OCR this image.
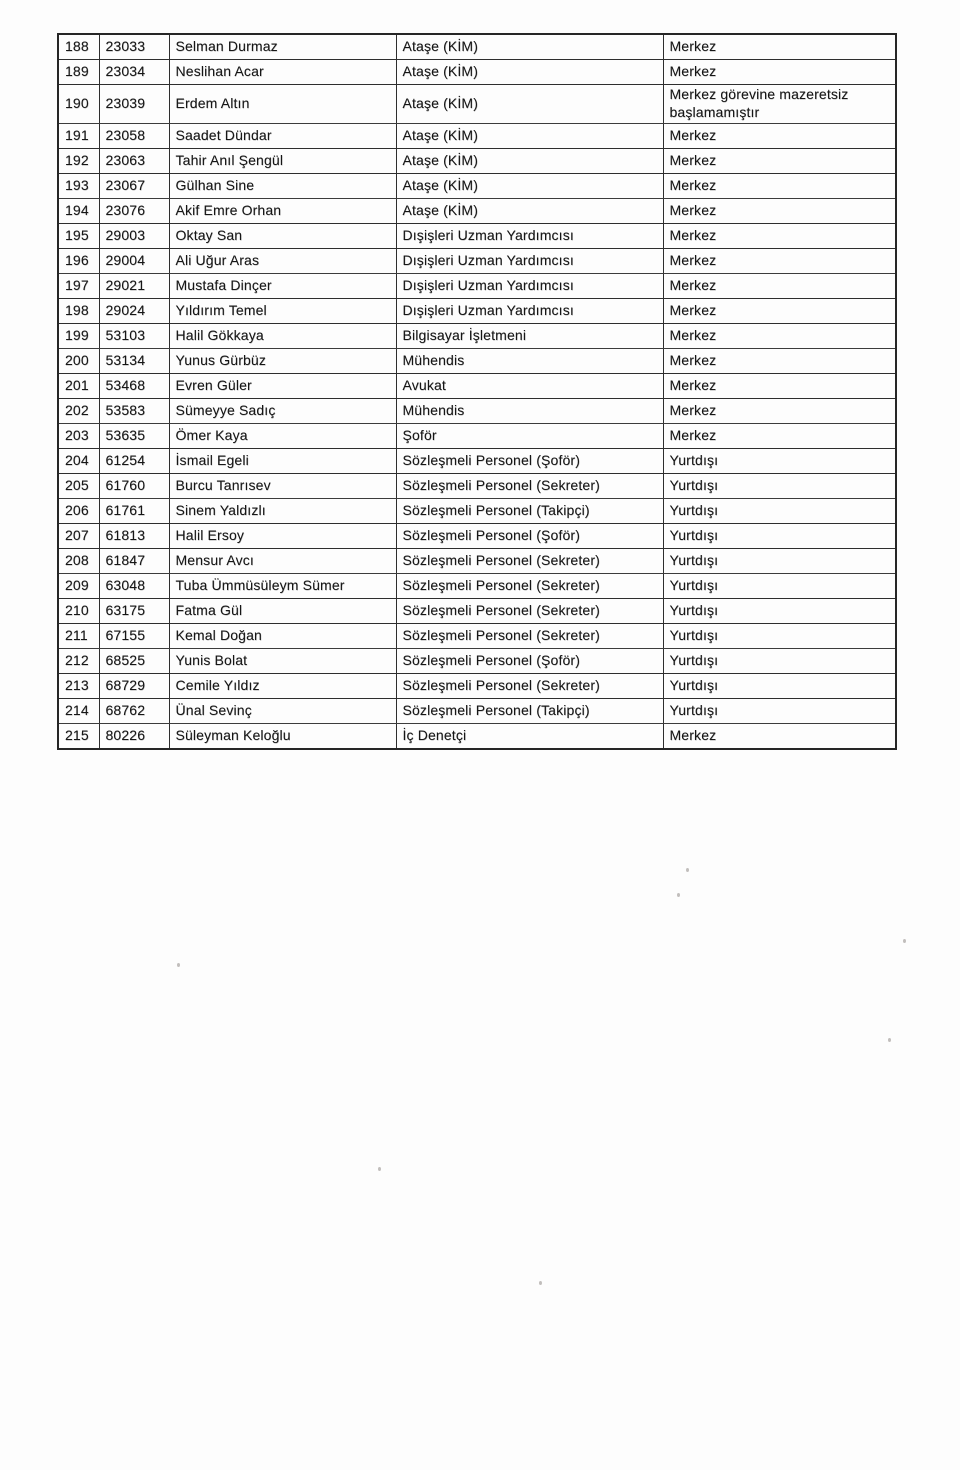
188	23033	Selman Durmaz	Ataşe (KİM)	Merkez
189	23034	Neslihan Acar	Ataşe (KİM)	Merkez
190	23039	Erdem Altın	Ataşe (KİM)	Merkez görevine mazeretsiz başlamamıştır
191	23058	Saadet Dündar	Ataşe (KİM)	Merkez
192	23063	Tahir Anıl Şengül	Ataşe (KİM)	Merkez
193	23067	Gülhan Sine	Ataşe (KİM)	Merkez
194	23076	Akif Emre Orhan	Ataşe (KİM)	Merkez
195	29003	Oktay San	Dışişleri Uzman Yardımcısı	Merkez
196	29004	Ali Uğur Aras	Dışişleri Uzman Yardımcısı	Merkez
197	29021	Mustafa Dinçer	Dışişleri Uzman Yardımcısı	Merkez
198	29024	Yıldırım Temel	Dışişleri Uzman Yardımcısı	Merkez
199	53103	Halil Gökkaya	Bilgisayar İşletmeni	Merkez
200	53134	Yunus Gürbüz	Mühendis	Merkez
201	53468	Evren Güler	Avukat	Merkez
202	53583	Sümeyye Sadıç	Mühendis	Merkez
203	53635	Ömer Kaya	Şoför	Merkez
204	61254	İsmail Egeli	Sözleşmeli Personel (Şoför)	Yurtdışı
205	61760	Burcu Tanrısev	Sözleşmeli Personel (Sekreter)	Yurtdışı
206	61761	Sinem Yaldızlı	Sözleşmeli Personel (Takipçi)	Yurtdışı
207	61813	Halil Ersoy	Sözleşmeli Personel (Şoför)	Yurtdışı
208	61847	Mensur Avcı	Sözleşmeli Personel (Sekreter)	Yurtdışı
209	63048	Tuba Ümmüsüleym Sümer	Sözleşmeli Personel (Sekreter)	Yurtdışı
210	63175	Fatma Gül	Sözleşmeli Personel (Sekreter)	Yurtdışı
211	67155	Kemal Doğan	Sözleşmeli Personel (Sekreter)	Yurtdışı
212	68525	Yunis Bolat	Sözleşmeli Personel (Şoför)	Yurtdışı
213	68729	Cemile Yıldız	Sözleşmeli Personel (Sekreter)	Yurtdışı
214	68762	Ünal Sevinç	Sözleşmeli Personel (Takipçi)	Yurtdışı
215	80226	Süleyman Keloğlu	İç Denetçi	Merkez
